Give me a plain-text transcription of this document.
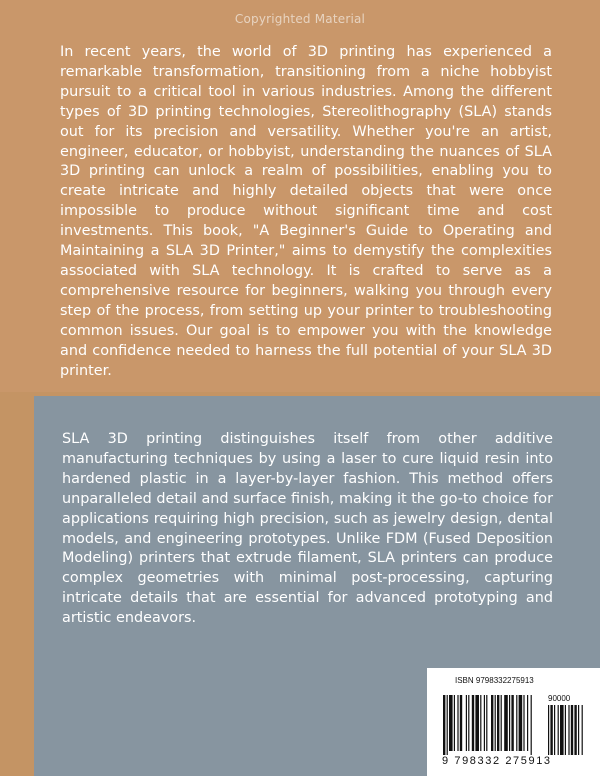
Copyrighted Material

In recent years, the world of 3D printing has experienced a remarkable transformation, transitioning from a niche hobbyist pursuit to a critical tool in various industries. Among the different types of 3D printing technologies, Stereolithography (SLA) stands out for its precision and versatility. Whether you're an artist, engineer, educator, or hobbyist, understanding the nuances of SLA 3D printing can unlock a realm of possibilities, enabling you to create intricate and highly detailed objects that were once impossible to produce without significant time and cost investments. This book, "A Beginner's Guide to Operating and Maintaining a SLA 3D Printer," aims to demystify the complexities associated with SLA technology. It is crafted to serve as a comprehensive resource for beginners, walking you through every step of the process, from setting up your printer to troubleshooting common issues. Our goal is to empower you with the knowledge and confidence needed to harness the full potential of your SLA 3D printer.

SLA 3D printing distinguishes itself from other additive manufacturing techniques by using a laser to cure liquid resin into hardened plastic in a layer-by-layer fashion. This method offers unparalleled detail and surface finish, making it the go-to choice for applications requiring high precision, such as jewelry design, dental models, and engineering prototypes. Unlike FDM (Fused Deposition Modeling) printers that extrude filament, SLA printers can produce complex geometries with minimal post-processing, capturing intricate details that are essential for advanced prototyping and artistic endeavors.

ISBN 9798332275913
90000
9 798332 275913
